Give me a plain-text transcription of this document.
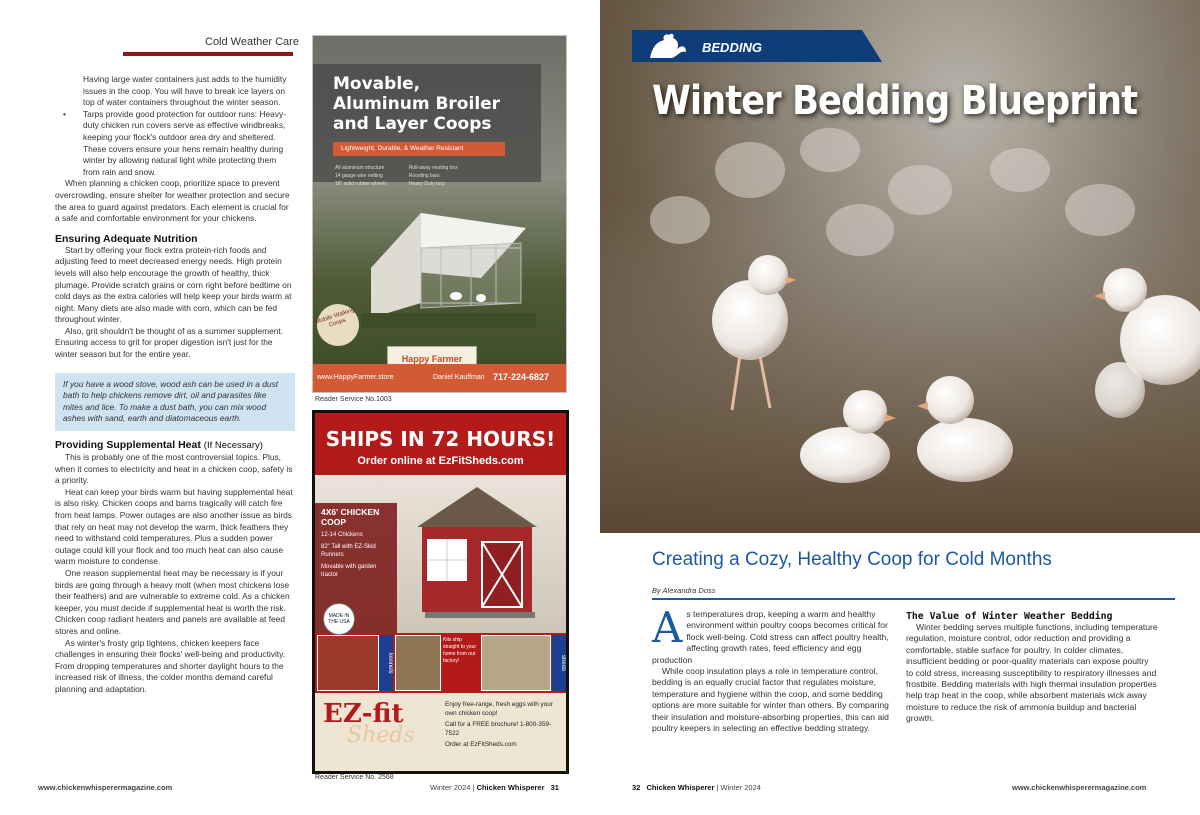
Cold Weather Care

Having large water containers just adds to the humidity issues in the coop. You will have to break ice layers on top of water containers throughout the winter season.

• Tarps provide good protection for outdoor runs: Heavy-duty chicken run covers serve as effective windbreaks, keeping your flock's outdoor area dry and sheltered. These covers ensure your hens remain healthy during winter by allowing natural light while protecting them from rain and snow.

When planning a chicken coop, prioritize space to prevent overcrowding, ensure shelter for weather protection and secure the area to guard against predators. Each element is crucial for a safe and comfortable environment for your chickens.

Ensuring Adequate Nutrition

Start by offering your flock extra protein-rich foods and adjusting feed to meet decreased energy needs. High protein levels will also help encourage the growth of healthy, thick plumage. Provide scratch grains or corn right before bedtime on cold days as the extra calories will help keep your birds warm at night. Many diets are also made with corn, which can be fed throughout winter.

Also, grit shouldn't be thought of as a summer supplement. Ensuring access to grit for proper digestion isn't just for the winter season but for the entire year.

If you have a wood stove, wood ash can be used in a dust bath to help chickens remove dirt, oil and parasites like mites and lice. To make a dust bath, you can mix wood ashes with sand, earth and diatomaceous earth.
Providing Supplemental Heat (If Necessary)

This is probably one of the most controversial topics. Plus, when it comes to electricity and heat in a chicken coop, safety is a priority.

Heat can keep your birds warm but having supplemental heat is also risky. Chicken coops and barns tragically will catch fire from heat lamps. Power outages are also another issue as birds that rely on heat may not develop the warm, thick feathers they need to withstand cold temperatures. Plus a sudden power outage could kill your flock and too much heat can also cause warm moisture to condense.

One reason supplemental heat may be necessary is if your birds are going through a heavy molt (when most chickens lose their feathers) and are vulnerable to extreme cold. As a chicken keeper, you must decide if supplemental heat is worth the risk. Chicken coop radiant heaters and panels are available at feed stores and online.

As winter's frosty grip tightens, chicken keepers face challenges in ensuring their flocks' well-being and productivity. From dropping temperatures and shorter daylight hours to the increased risk of illness, the colder months demand careful planning and adaptation.

Movable,
Aluminum Broiler
and Layer Coops
Lightweight, Durable, & Weather Resistant
All aluminum structure
14 gauge wire netting
16" solid rubber wheels
Roll-away nesting box
Roosting bars
Heavy Duty tarp
Mobile Walking Coops
Happy Farmer
www.HappyFarmer.store	Daniel Kauffman 717-224-6827
Reader Service No.1003
SHIPS IN 72 HOURS!
Order online at EzFitSheds.com
4X6' CHICKEN COOP
12-14 Chickens
82" Tall with EZ-Skid Runners
Movable with garden tractor
MADE IN THE USA
kennels
Kits ship straight to your home from our factory!	sheds
EZ-fit
Sheds
Enjoy free-range, fresh eggs with your own chicken coop!
Call for a FREE brochure! 1-800-359-7522
Order at EzFitSheds.com
Reader Service No. 2568
www.chickenwhisperermagazine.com	Winter 2024 | Chicken Whisperer 31
BEDDING
Winter Bedding Blueprint
Creating a Cozy, Healthy Coop for Cold Months
By Alexandra Doss
A s temperatures drop, keeping a warm and healthy environment within poultry coops becomes critical for flock well-being. Cold stress can affect poultry health, affecting growth rates, feed efficiency and egg production

While coop insulation plays a role in temperature control, bedding is an equally crucial factor that regulates moisture, temperature and hygiene within the coop, and some bedding options are more suitable for winter than others. By comparing their insulation and moisture-absorbing properties, this can aid poultry keepers in selecting an effective bedding strategy.

The Value of Winter Weather Bedding

Winter bedding serves multiple functions, including temperature regulation, moisture control, odor reduction and providing a comfortable, stable surface for poultry. In colder climates, insufficient bedding or poor-quality materials can expose poultry to cold stress, increasing susceptibility to respiratory illnesses and frostbite. Bedding materials with high thermal insulation properties help trap heat in the coop, while absorbent materials wick away moisture to reduce the risk of ammonia buildup and bacterial growth.

32 Chicken Whisperer | Winter 2024	www.chickenwhisperermagazine.com
